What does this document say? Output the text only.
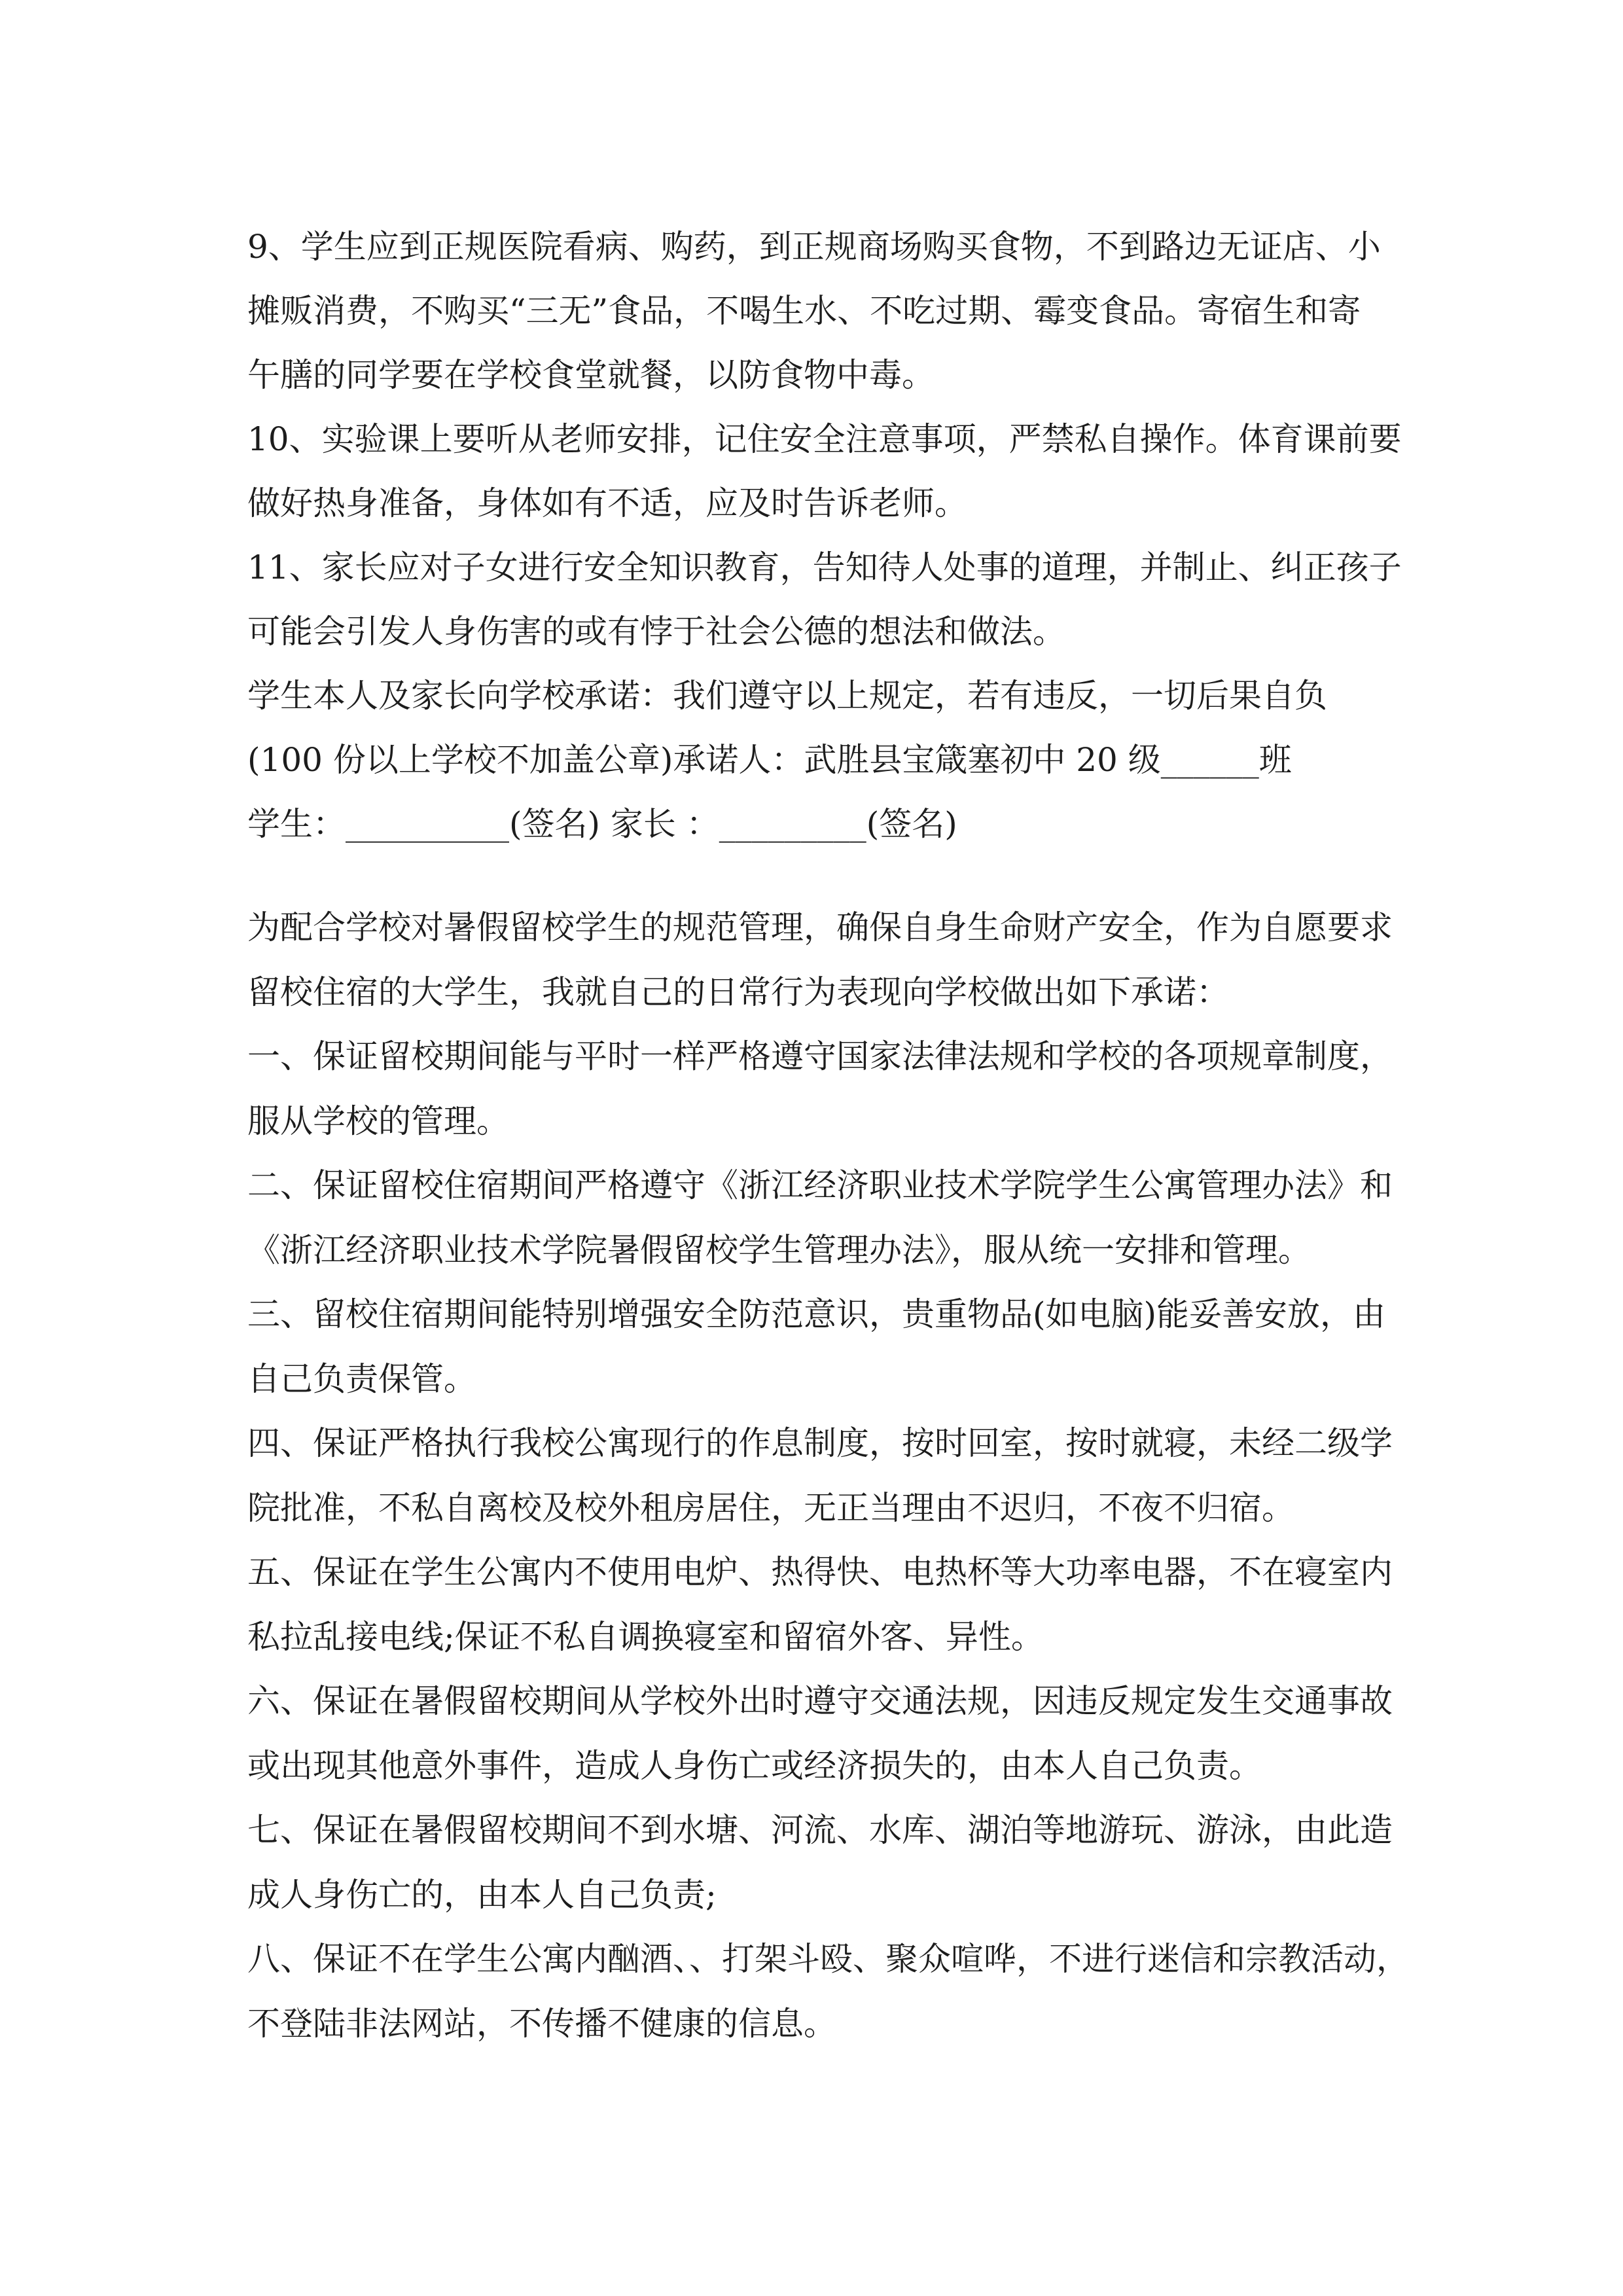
9、学生应到正规医院看病、购药，到正规商场购买食物，不到路边无证店、小
摊贩消费，不购买“三无”食品，不喝生水、不吃过期、霉变食品。寄宿生和寄
午膳的同学要在学校食堂就餐，以防食物中毒。

10、实验课上要听从老师安排，记住安全注意事项，严禁私自操作。体育课前要
做好热身准备，身体如有不适，应及时告诉老师。

11、家长应对子女进行安全知识教育，告知待人处事的道理，并制止、纠正孩子
可能会引发人身伤害的或有悖于社会公德的想法和做法。

学生本人及家长向学校承诺：我们遵守以上规定，若有违反，一切后果自负
(100 份以上学校不加盖公章)承诺人：武胜县宝箴塞初中 20 级______班
学生：__________(签名) 家长 ：_________(签名)

为配合学校对暑假留校学生的规范管理，确保自身生命财产安全，作为自愿要求
留校住宿的大学生，我就自己的日常行为表现向学校做出如下承诺：

一、保证留校期间能与平时一样严格遵守国家法律法规和学校的各项规章制度，
服从学校的管理。

二、保证留校住宿期间严格遵守《浙江经济职业技术学院学生公寓管理办法》和
《浙江经济职业技术学院暑假留校学生管理办法》，服从统一安排和管理。

三、留校住宿期间能特别增强安全防范意识，贵重物品(如电脑)能妥善安放，由
自己负责保管。

四、保证严格执行我校公寓现行的作息制度，按时回室，按时就寝，未经二级学
院批准，不私自离校及校外租房居住，无正当理由不迟归，不夜不归宿。

五、保证在学生公寓内不使用电炉、热得快、电热杯等大功率电器，不在寝室内
私拉乱接电线;保证不私自调换寝室和留宿外客、异性。

六、保证在暑假留校期间从学校外出时遵守交通法规，因违反规定发生交通事故
或出现其他意外事件，造成人身伤亡或经济损失的，由本人自己负责。

七、保证在暑假留校期间不到水塘、河流、水库、湖泊等地游玩、游泳，由此造
成人身伤亡的，由本人自己负责;

八、保证不在学生公寓内酗酒、、打架斗殴、聚众喧哗，不进行迷信和宗教活动，
不登陆非法网站，不传播不健康的信息。
